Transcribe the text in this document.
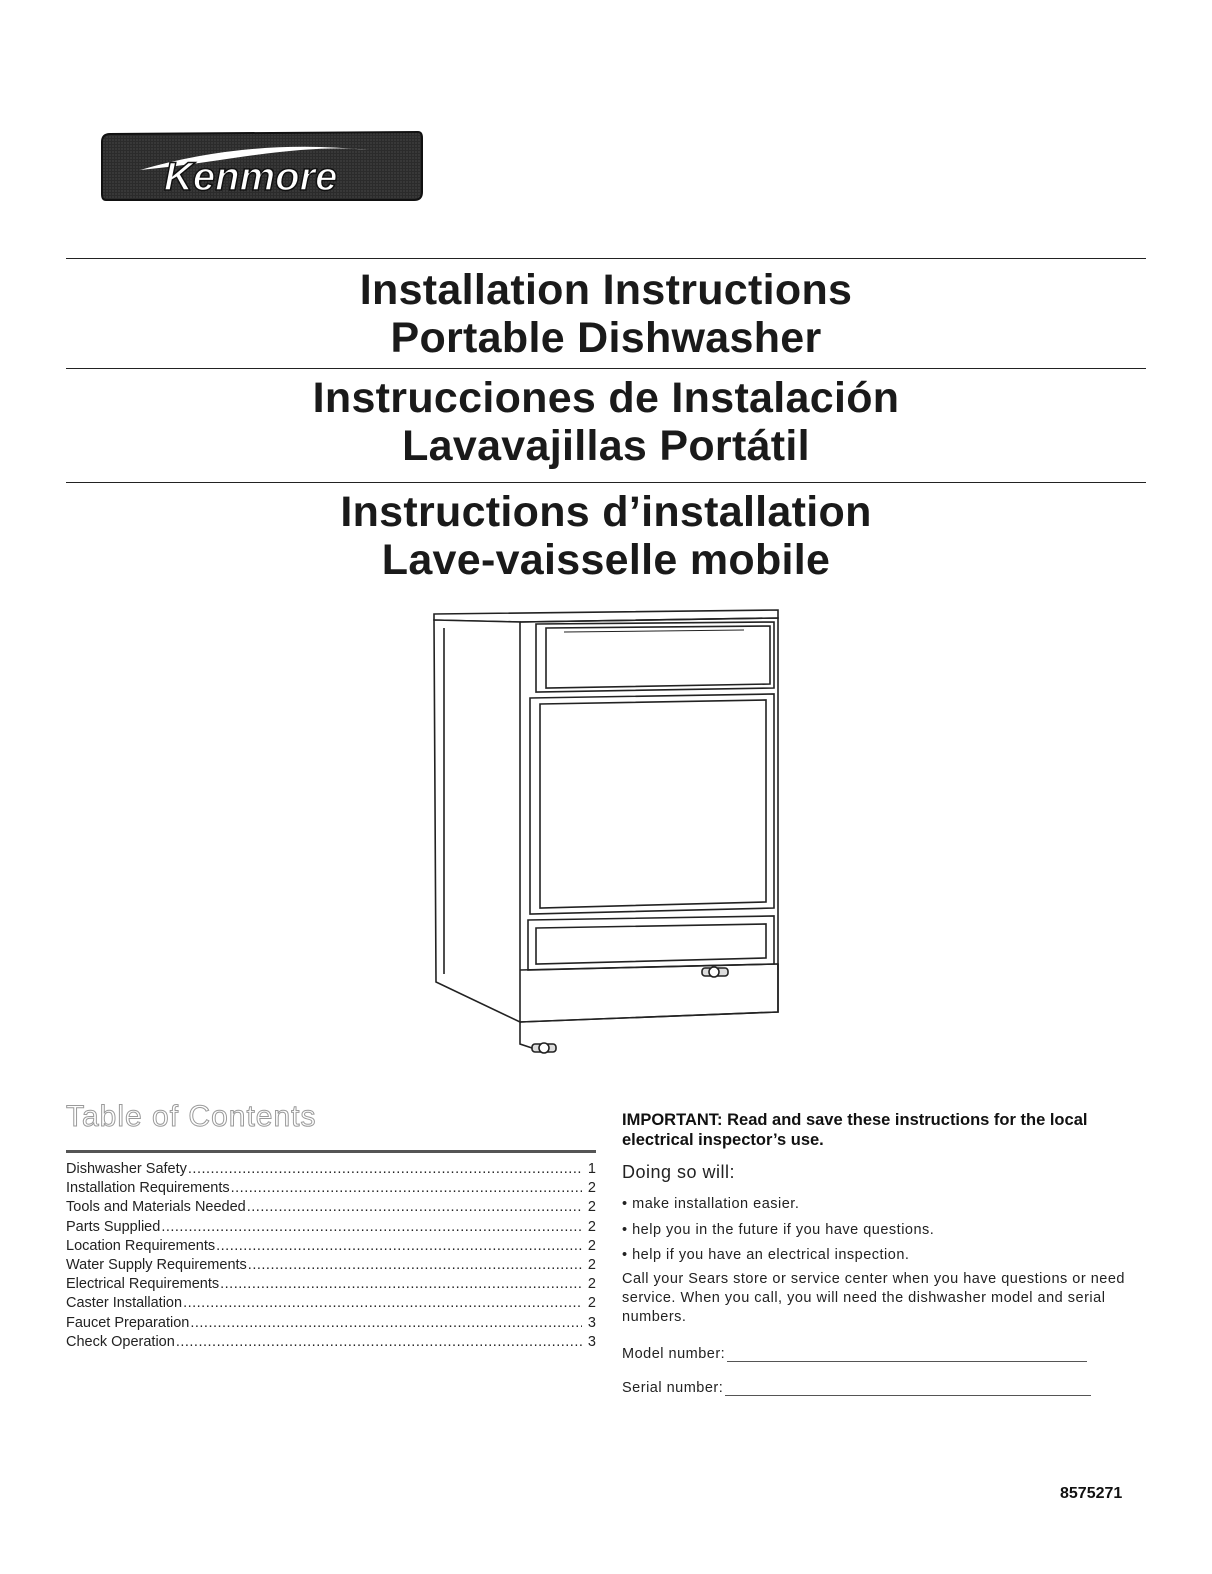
Kenmore
Installation Instructions
Portable Dishwasher
Instrucciones de Instalación
Lavavajillas Portátil
Instructions d’installation
Lave-vaisselle mobile
Table of Contents
Dishwasher Safety .....	1
Installation Requirements .....	2
Tools and Materials Needed .....	2
Parts Supplied .....	2
Location Requirements .....	2
Water Supply Requirements .....	2
Electrical Requirements .....	2
Caster Installation .....	2
Faucet Preparation .....	3
Check Operation .....	3
IMPORTANT: Read and save these instructions for the local electrical inspector’s use.
Doing so will:
• make installation easier.
• help you in the future if you have questions.
• help if you have an electrical inspection.
Call your Sears store or service center when you have questions or need service. When you call, you will need the dishwasher model and serial numbers.
Model number:
Serial number:
8575271
